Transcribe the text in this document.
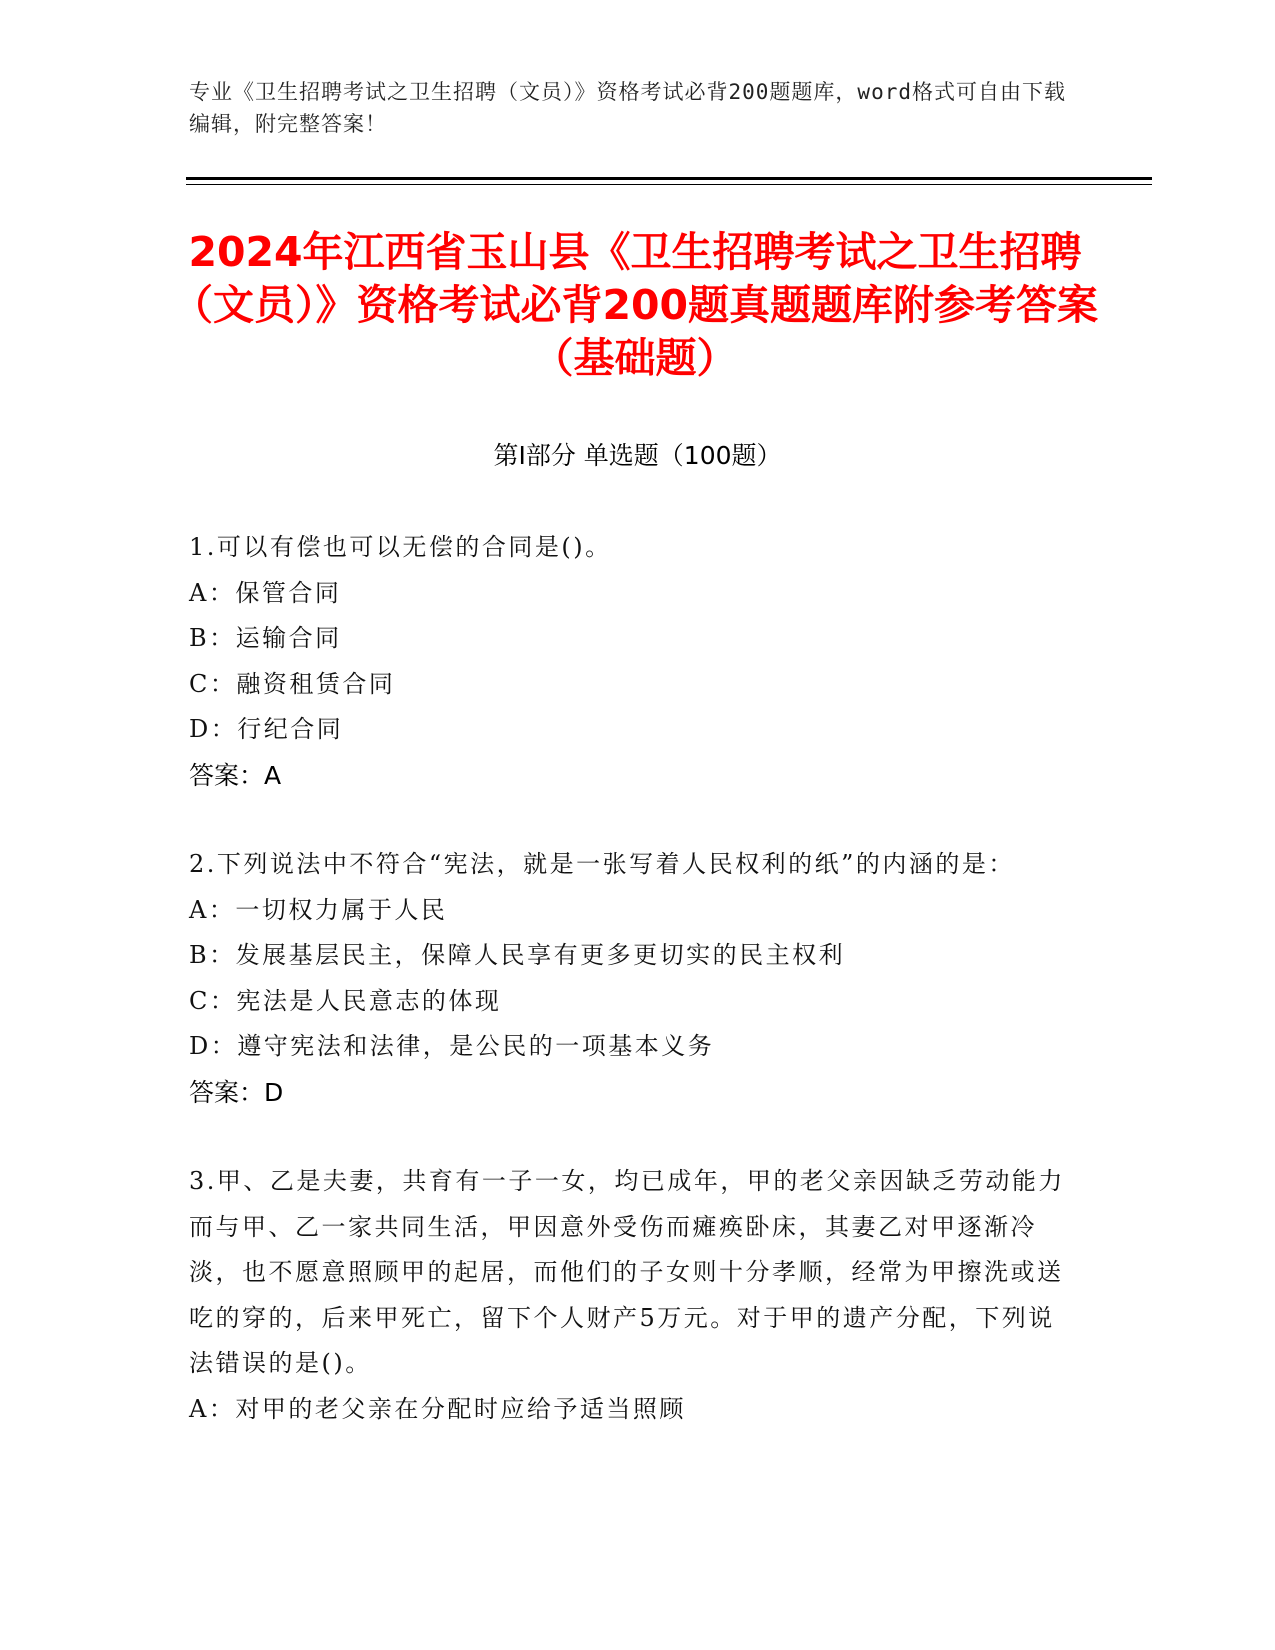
专业《卫生招聘考试之卫生招聘（文员）》资格考试必背200题题库，word格式可自由下载编辑，附完整答案！
2024年江西省玉山县《卫生招聘考试之卫生招聘（文员）》资格考试必背200题真题题库附参考答案（基础题）
第Ⅰ部分 单选题（100题）
1.可以有偿也可以无偿的合同是()。
A：保管合同
B：运输合同
C：融资租赁合同
D：行纪合同
答案：A
2.下列说法中不符合“宪法，就是一张写着人民权利的纸”的内涵的是：
A：一切权力属于人民
B：发展基层民主，保障人民享有更多更切实的民主权利
C：宪法是人民意志的体现
D：遵守宪法和法律，是公民的一项基本义务
答案：D
3.甲、乙是夫妻，共育有一子一女，均已成年，甲的老父亲因缺乏劳动能力而与甲、乙一家共同生活，甲因意外受伤而瘫痪卧床，其妻乙对甲逐渐冷淡，也不愿意照顾甲的起居，而他们的子女则十分孝顺，经常为甲擦洗或送吃的穿的，后来甲死亡，留下个人财产5万元。对于甲的遗产分配，下列说法错误的是()。
A：对甲的老父亲在分配时应给予适当照顾
